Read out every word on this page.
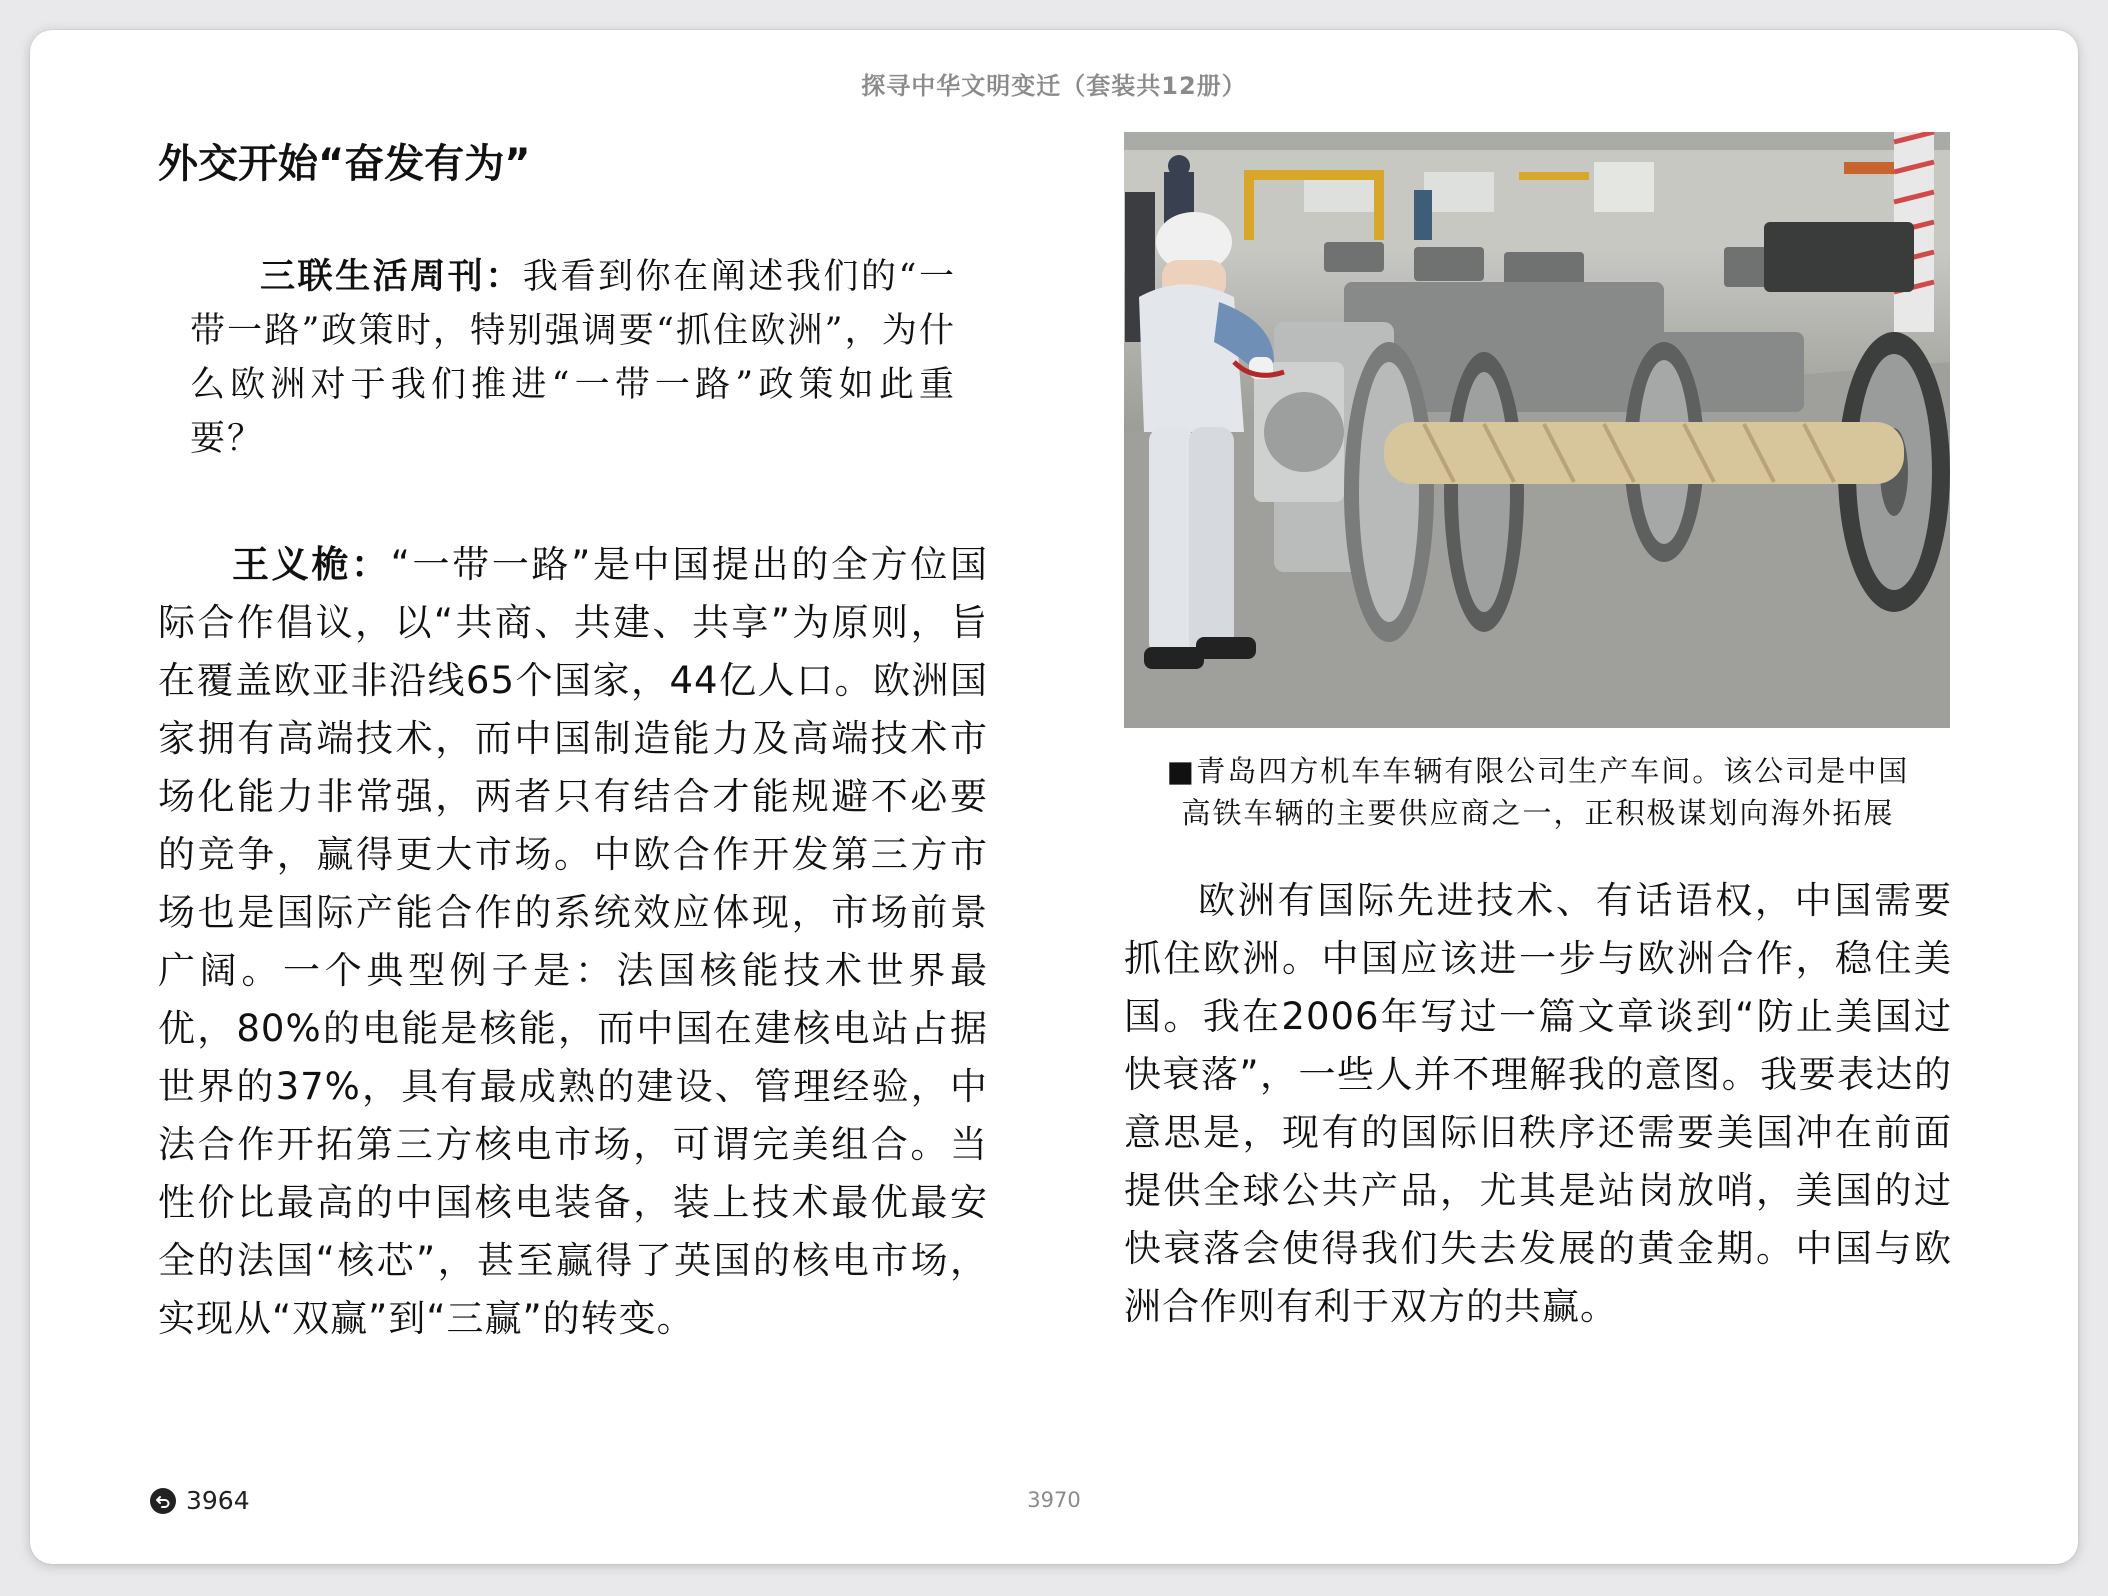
探寻中华文明变迁（套装共12册）
外交开始“奋发有为”

三联生活周刊：我看到你在阐述我们的“一带一路”政策时，特别强调要“抓住欧洲”，为什么欧洲对于我们推进“一带一路”政策如此重要？

王义桅：“一带一路”是中国提出的全方位国际合作倡议，以“共商、共建、共享”为原则，旨在覆盖欧亚非沿线65个国家，44亿人口。欧洲国家拥有高端技术，而中国制造能力及高端技术市场化能力非常强，两者只有结合才能规避不必要的竞争，赢得更大市场。中欧合作开发第三方市场也是国际产能合作的系统效应体现，市场前景广阔。一个典型例子是：法国核能技术世界最优，80%的电能是核能，而中国在建核电站占据世界的37%，具有最成熟的建设、管理经验，中法合作开拓第三方核电市场，可谓完美组合。当性价比最高的中国核电装备，装上技术最优最安全的法国“核芯”，甚至赢得了英国的核电市场，实现从“双赢”到“三赢”的转变。

■青岛四方机车车辆有限公司生产车间。该公司是中国
高铁车辆的主要供应商之一，正积极谋划向海外拓展

欧洲有国际先进技术、有话语权，中国需要抓住欧洲。中国应该进一步与欧洲合作，稳住美国。我在2006年写过一篇文章谈到“防止美国过快衰落”，一些人并不理解我的意图。我要表达的意思是，现有的国际旧秩序还需要美国冲在前面提供全球公共产品，尤其是站岗放哨，美国的过快衰落会使得我们失去发展的黄金期。中国与欧洲合作则有利于双方的共赢。

3964	3970
